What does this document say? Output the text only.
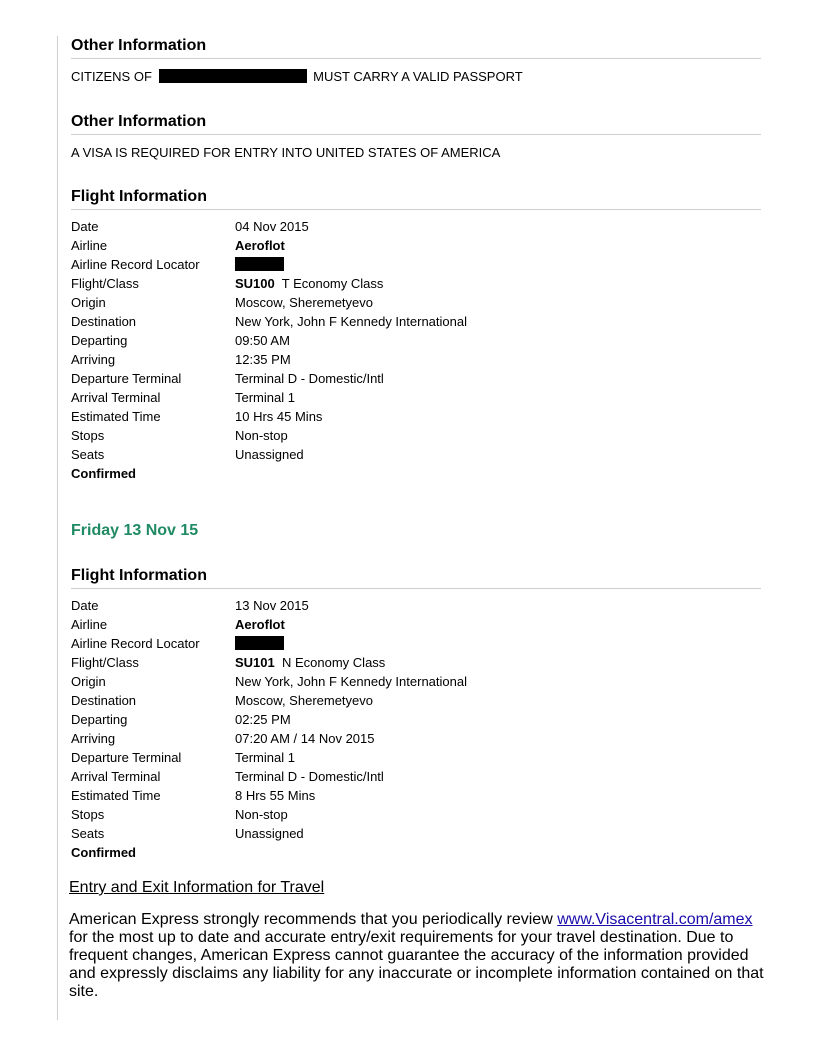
Other Information
CITIZENS OF	MUST CARRY A VALID PASSPORT
Other Information
A VISA IS REQUIRED FOR ENTRY INTO UNITED STATES OF AMERICA
Flight Information
Date	04 Nov 2015
Airline	Aeroflot
Airline Record Locator
Flight/Class	SU100 T Economy Class
Origin	Moscow, Sheremetyevo
Destination	New York, John F Kennedy International
Departing	09:50 AM
Arriving	12:35 PM
Departure Terminal	Terminal D - Domestic/Intl
Arrival Terminal	Terminal 1
Estimated Time	10 Hrs 45 Mins
Stops	Non-stop
Seats	Unassigned
Confirmed
Friday 13 Nov 15
Flight Information
Date	13 Nov 2015
Airline	Aeroflot
Airline Record Locator
Flight/Class	SU101 N Economy Class
Origin	New York, John F Kennedy International
Destination	Moscow, Sheremetyevo
Departing	02:25 PM
Arriving	07:20 AM / 14 Nov 2015
Departure Terminal	Terminal 1
Arrival Terminal	Terminal D - Domestic/Intl
Estimated Time	8 Hrs 55 Mins
Stops	Non-stop
Seats	Unassigned
Confirmed
Entry and Exit Information for Travel
American Express strongly recommends that you periodically review www.Visacentral.com/amex for the most up to date and accurate entry/exit requirements for your travel destination. Due to frequent changes, American Express cannot guarantee the accuracy of the information provided and expressly disclaims any liability for any inaccurate or incomplete information contained on that site.
